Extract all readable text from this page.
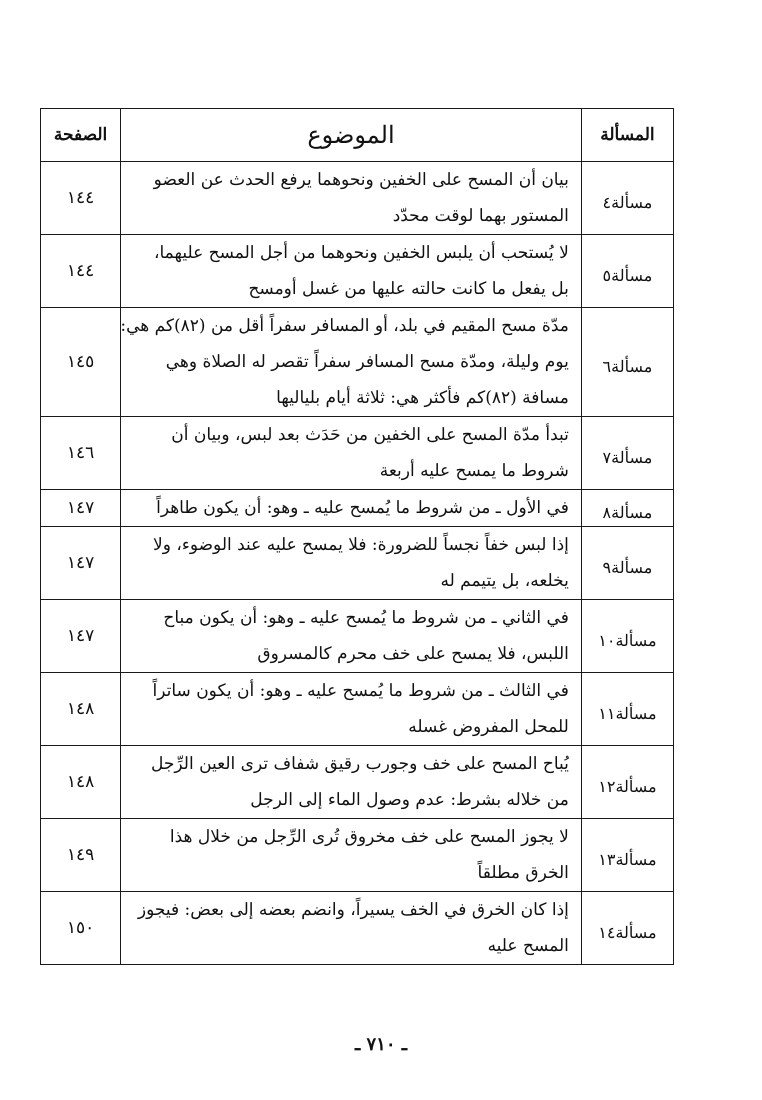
المسألة	الموضوع	الصفحة
مسألة٤	بيان أن المسح على الخفين ونحوهما يرفع الحدث عن العضو
المستور بهما لوقت محدّد	١٤٤
مسألة٥	لا يُستحب أن يلبس الخفين ونحوهما من أجل المسح عليهما،
بل يفعل ما كانت حالته عليها من غسل أومسح	١٤٤
مسألة٦	مدّة مسح المقيم في بلد، أو المسافر سفراً أقل من (٨٢)كم هي:
يوم وليلة، ومدّة مسح المسافر سفراً تقصر له الصلاة وهي
مسافة (٨٢)كم فأكثر هي: ثلاثة أيام بلياليها	١٤٥
مسألة٧	تبدأ مدّة المسح على الخفين من حَدَث بعد لبس، وبيان أن
شروط ما يمسح عليه أربعة	١٤٦
مسألة٨	في الأول ـ من شروط ما يُمسح عليه ـ وهو: أن يكون طاهراً	١٤٧
مسألة٩	إذا لبس خفاً نجساً للضرورة: فلا يمسح عليه عند الوضوء، ولا
يخلعه، بل يتيمم له	١٤٧
مسألة١٠	في الثاني ـ من شروط ما يُمسح عليه ـ وهو: أن يكون مباح
اللبس، فلا يمسح على خف محرم كالمسروق	١٤٧
مسألة١١	في الثالث ـ من شروط ما يُمسح عليه ـ وهو: أن يكون ساتراً
للمحل المفروض غسله	١٤٨
مسألة١٢	يُباح المسح على خف وجورب رقيق شفاف ترى العين الرِّجل
من خلاله بشرط: عدم وصول الماء إلى الرجل	١٤٨
مسألة١٣	لا يجوز المسح على خف مخروق تُرى الرِّجل من خلال هذا
الخرق مطلقاً	١٤٩
مسألة١٤	إذا كان الخرق في الخف يسيراً، وانضم بعضه إلى بعض: فيجوز
المسح عليه	١٥٠
ـ ٧١٠ ـ
